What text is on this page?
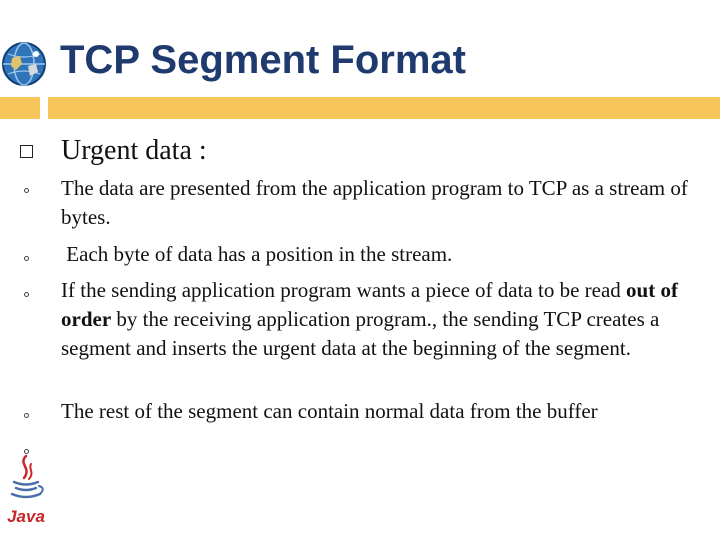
TCP Segment Format
Urgent data :
The data are presented from the application program to TCP as a stream of bytes.
Each byte of data has a position in the stream.
If the sending application program wants a piece of data to be read out of order by the receiving application program., the sending TCP creates a segment and inserts the urgent data at the beginning of the segment.
The rest of the segment can contain normal data from the buffer
Java
